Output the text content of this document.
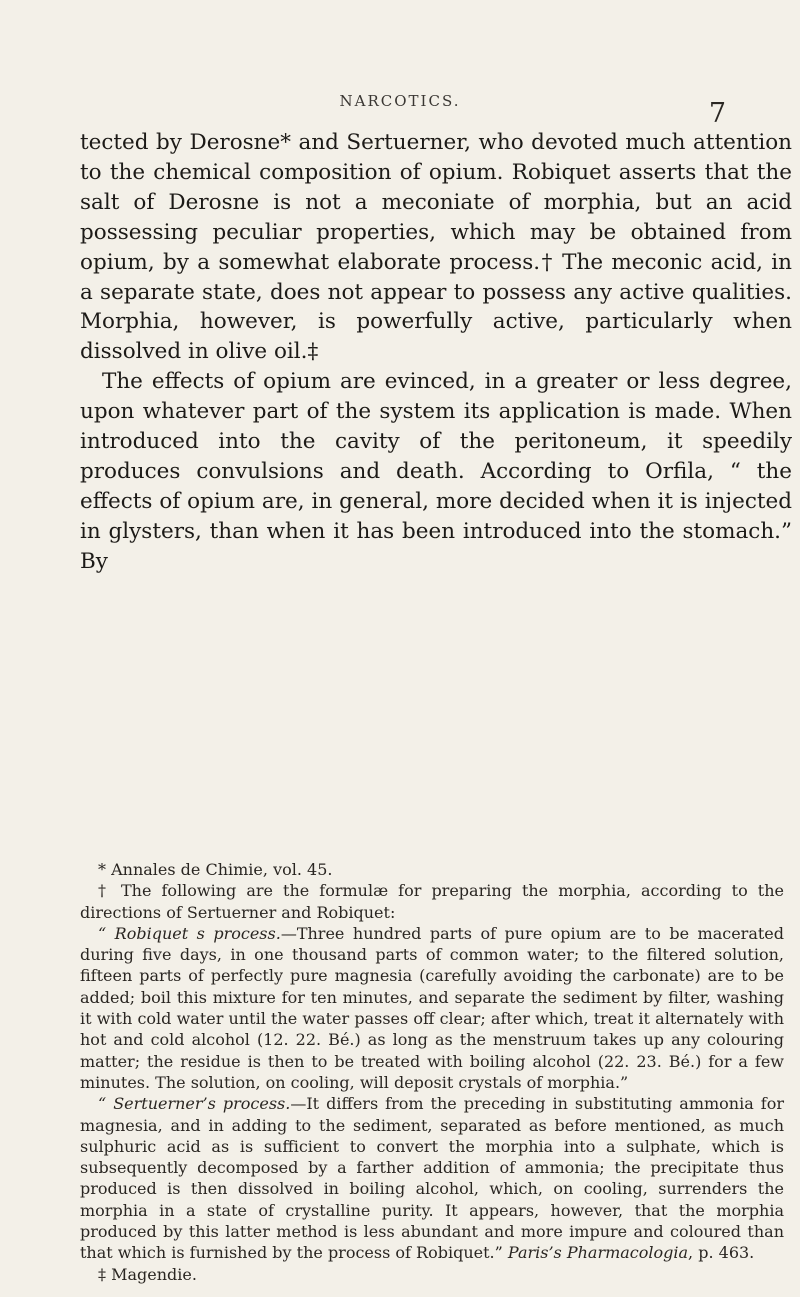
NARCOTICS.	7

tected by Derosne* and Sertuerner, who devoted much attention to the chemical composition of opium. Robiquet asserts that the salt of Derosne is not a meconiate of morphia, but an acid possessing peculiar properties, which may be obtained from opium, by a somewhat elaborate process.† The meconic acid, in a separate state, does not appear to possess any active qualities. Morphia, however, is powerfully active, particularly when dissolved in olive oil.‡

The effects of opium are evinced, in a greater or less degree, upon whatever part of the system its application is made. When introduced into the cavity of the peritoneum, it speedily produces convulsions and death. According to Orfila, “ the effects of opium are, in general, more decided when it is injected in glysters, than when it has been introduced into the stomach.” By

* Annales de Chimie, vol. 45.

† The following are the formulæ for preparing the morphia, according to the directions of Sertuerner and Robiquet:

“ Robiquet s process.—Three hundred parts of pure opium are to be macerated during five days, in one thousand parts of common water; to the filtered solution, fifteen parts of perfectly pure magnesia (carefully avoiding the carbonate) are to be added; boil this mixture for ten minutes, and separate the sediment by filter, washing it with cold water until the water passes off clear; after which, treat it alternately with hot and cold alcohol (12. 22. Bé.) as long as the menstruum takes up any colouring matter; the residue is then to be treated with boiling alcohol (22. 23. Bé.) for a few minutes. The solution, on cooling, will deposit crystals of morphia.”

“ Sertuerner’s process.—It differs from the preceding in substituting ammonia for magnesia, and in adding to the sediment, separated as before mentioned, as much sulphuric acid as is sufficient to convert the morphia into a sulphate, which is subsequently decomposed by a farther addition of ammonia; the precipitate thus produced is then dissolved in boiling alcohol, which, on cooling, surrenders the morphia in a state of crystalline purity. It appears, however, that the morphia produced by this latter method is less abundant and more impure and coloured than that which is furnished by the process of Robiquet.” Paris’s Pharmacologia, p. 463.

‡ Magendie.
